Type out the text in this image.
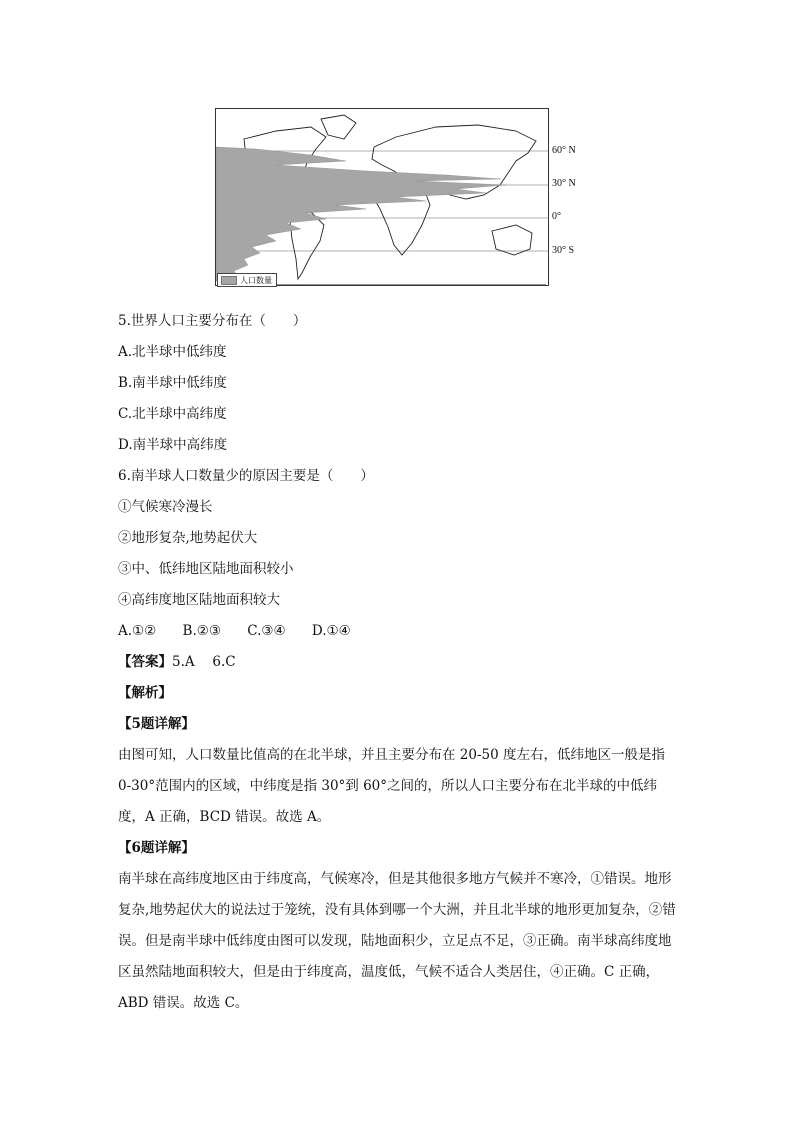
60° N
30° N
0°
30° S
人口数量
5.世界人口主要分布在（　　）
A.北半球中低纬度
B.南半球中低纬度
C.北半球中高纬度
D.南半球中高纬度
6.南半球人口数量少的原因主要是（　　）
①气候寒冷漫长
②地形复杂,地势起伏大
③中、低纬地区陆地面积较小
④高纬度地区陆地面积较大
A.①② B.②③ C.③④ D.①④
【答案】5.A　 6.C
【解析】
【5题详解】
由图可知，人口数量比值高的在北半球，并且主要分布在 20-50 度左右，低纬地区一般是指 0-30°范围内的区域，中纬度是指 30°到 60°之间的，所以人口主要分布在北半球的中低纬度，A 正确，BCD 错误。故选 A。
【6题详解】
南半球在高纬度地区由于纬度高，气候寒冷，但是其他很多地方气候并不寒冷，①错误。地形复杂,地势起伏大的说法过于笼统，没有具体到哪一个大洲，并且北半球的地形更加复杂，②错误。但是南半球中低纬度由图可以发现，陆地面积少，立足点不足，③正确。南半球高纬度地区虽然陆地面积较大，但是由于纬度高，温度低，气候不适合人类居住，④正确。C 正确，ABD 错误。故选 C。
